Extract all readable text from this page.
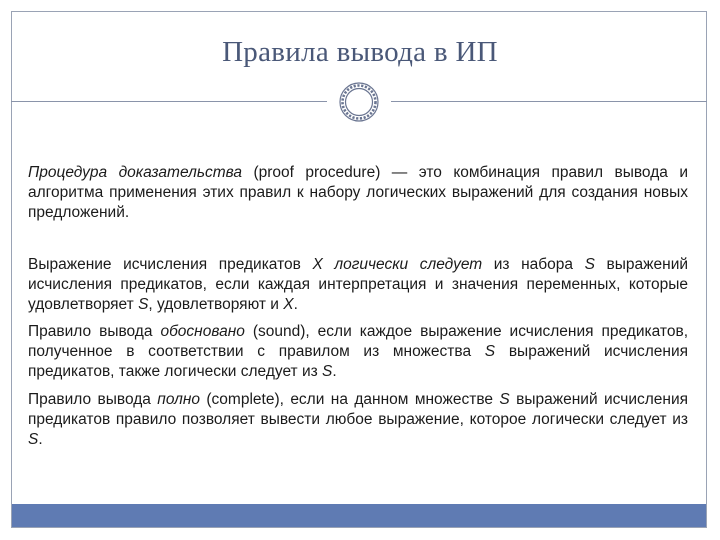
Правила вывода в ИП

Процедура доказательства (proof procedure) — это комбинация правил вывода и алгоритма применения этих правил к набору логических выражений для создания новых предложений.

Выражение исчисления предикатов X логически следует из набора S выражений исчисления предикатов, если каждая интерпретация и значения переменных, которые удовлетворяет S, удовлетворяют и X.

Правило вывода обосновано (sound), если каждое выражение исчисления предикатов, полученное в соответствии с правилом из множества S выражений исчисления предикатов, также логически следует из S.

Правило вывода полно (complete), если на данном множестве S выражений исчисления предикатов правило позволяет вывести любое выражение, которое логически следует из S.
